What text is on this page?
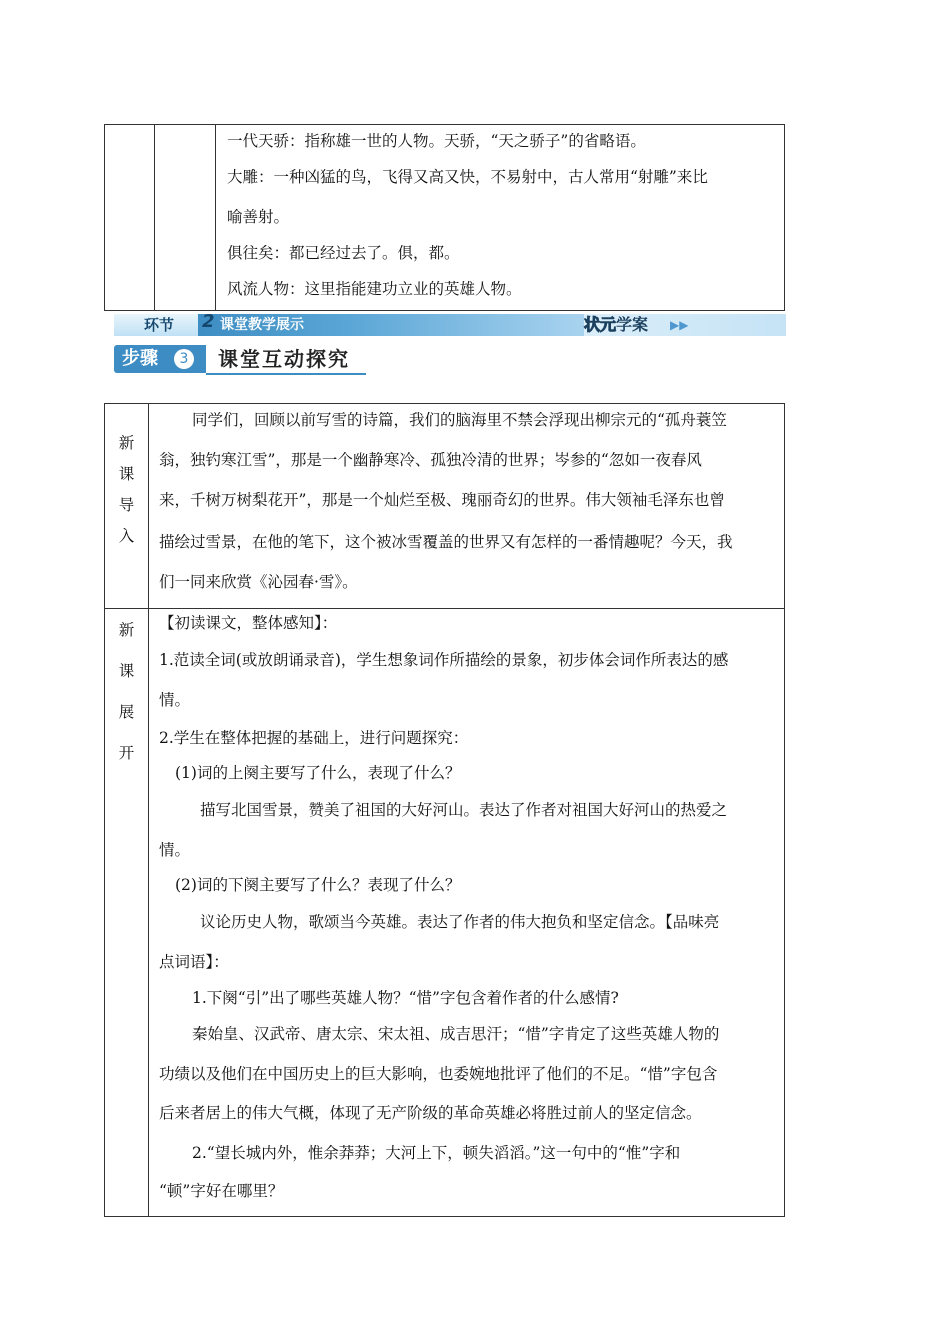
一代天骄：指称雄一世的人物。天骄，“天之骄子”的省略语。
大雕：一种凶猛的鸟，飞得又高又快，不易射中，古人常用“射雕”来比
喻善射。
俱往矣：都已经过去了。俱，都。
风流人物：这里指能建功立业的英雄人物。
环节	2 课堂教学展示	状元学案 ▶▶
步骤	3 课堂互动探究
新
课
导
入
同学们，回顾以前写雪的诗篇，我们的脑海里不禁会浮现出柳宗元的“孤舟蓑笠
翁，独钓寒江雪”，那是一个幽静寒冷、孤独冷清的世界；岑参的“忽如一夜春风
来，千树万树梨花开”，那是一个灿烂至极、瑰丽奇幻的世界。伟大领袖毛泽东也曾
描绘过雪景，在他的笔下，这个被冰雪覆盖的世界又有怎样的一番情趣呢？今天，我
们一同来欣赏《沁园春·雪》。
新
课
展
开
【初读课文，整体感知】：
1.范读全词(或放朗诵录音)，学生想象词作所描绘的景象，初步体会词作所表达的感
情。
2.学生在整体把握的基础上，进行问题探究：
(1)词的上阕主要写了什么，表现了什么？
描写北国雪景，赞美了祖国的大好河山。表达了作者对祖国大好河山的热爱之
情。
(2)词的下阕主要写了什么？表现了什么？
议论历史人物，歌颂当今英雄。表达了作者的伟大抱负和坚定信念。【品味亮
点词语】：
1.下阕“引”出了哪些英雄人物？“惜”字包含着作者的什么感情?
秦始皇、汉武帝、唐太宗、宋太祖、成吉思汗；“惜”字肯定了这些英雄人物的
功绩以及他们在中国历史上的巨大影响，也委婉地批评了他们的不足。“惜”字包含
后来者居上的伟大气概，体现了无产阶级的革命英雄必将胜过前人的坚定信念。
2.“望长城内外，惟余莽莽；大河上下，顿失滔滔。”这一句中的“惟”字和
“顿”字好在哪里？
